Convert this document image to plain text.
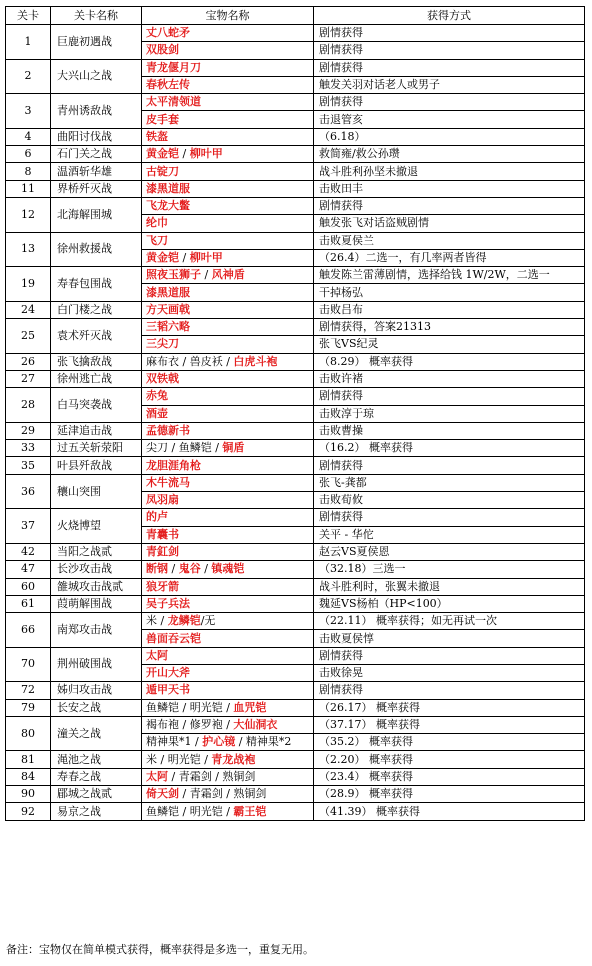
关卡	关卡名称	宝物名称	获得方式
1	巨鹿初遇战	丈八蛇矛	剧情获得
		双股剑	剧情获得
2	大兴山之战	青龙偃月刀	剧情获得
		春秋左传	触发关羽对话老人或男子
3	青州诱敌战	太平清领道	剧情获得
		皮手套	击退管亥
4	曲阳讨伐战	铁盔	（6.18）
6	石门关之战	黄金铠 / 柳叶甲	救简雍/救公孙瓒
8	温酒斩华雄	古锭刀	战斗胜利孙坚未撤退
11	界桥歼灭战	漆黑道服	击败田丰
12	北海解围城	飞龙大鳖	剧情获得
		纶巾	触发张飞对话盗贼剧情
13	徐州救援战	飞刀	击败夏侯兰
		黄金铠 / 柳叶甲	（26.4）二选一，有几率两者皆得
19	寿春包围战	照夜玉狮子 / 风神盾	触发陈兰雷薄剧情，选择给钱 1W/2W，二选一
		漆黑道服	干掉杨弘
24	白门楼之战	方天画戟	击败吕布
25	袁术歼灭战	三韬六略	剧情获得，答案21313
		三尖刀	张飞VS纪灵
26	张飞擒敌战	麻布衣 / 兽皮袄 / 白虎斗袍	（8.29） 概率获得
27	徐州逃亡战	双铁戟	击败许褚
28	白马突袭战	赤兔	剧情获得
		酒壶	击败淳于琼
29	延津追击战	孟德新书	击败曹操
33	过五关斩荥阳	尖刀 / 鱼鳞铠 / 铜盾	（16.2） 概率获得
35	叶县歼敌战	龙胆涯角枪	剧情获得
36	穰山突围	木牛流马	张飞-龚都
		凤羽扇	击败荀攸
37	火烧博望	的卢	剧情获得
		青囊书	关平 - 华佗
42	当阳之战贰	青釭剑	赵云VS夏侯恩
47	长沙攻击战	断钢 / 鬼谷 / 镇魂铠	（32.18）三选一
60	雒城攻击战贰	狼牙箭	战斗胜利时，张翼未撤退
61	葭萌解围战	吴子兵法	魏延VS杨柏（HP<100）
66	南郑攻击战	米 / 龙鳞铠/无	（22.11） 概率获得；如无再试一次
		兽面吞云铠	击败夏侯惇
70	荆州破围战	太阿	剧情获得
		开山大斧	击败徐晃
72	姊归攻击战	遁甲天书	剧情获得
79	长安之战	鱼鳞铠 / 明光铠 / 血咒铠	（26.17） 概率获得
80	潼关之战	褐布袍 / 修罗袍 / 大仙洞衣	（37.17） 概率获得
		精神果*1 / 护心镜 / 精神果*2	（35.2） 概率获得
81	渑池之战	米 / 明光铠 / 青龙战袍	（2.20） 概率获得
84	寿春之战	太阿 / 青霜剑 / 熟铜剑	（23.4） 概率获得
90	郿城之战贰	倚天剑 / 青霜剑 / 熟铜剑	（28.9） 概率获得
92	易京之战	鱼鳞铠 / 明光铠 / 霸王铠	（41.39） 概率获得
备注：宝物仅在简单模式获得，概率获得是多选一，重复无用。
